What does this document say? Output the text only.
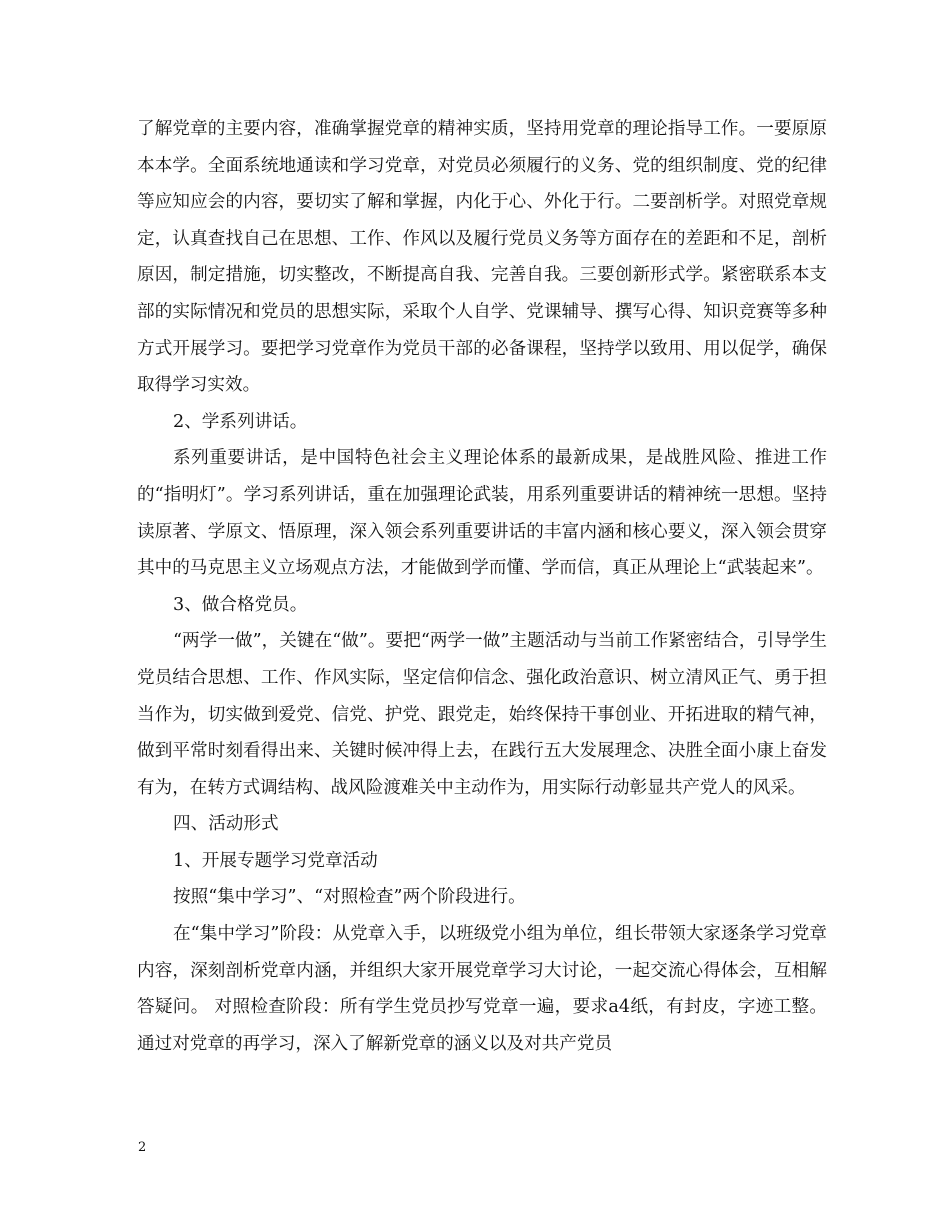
了解党章的主要内容，准确掌握党章的精神实质，坚持用党章的理论指导工作。一要原原本本学。全面系统地通读和学习党章，对党员必须履行的义务、党的组织制度、党的纪律等应知应会的内容，要切实了解和掌握，内化于心、外化于行。二要剖析学。对照党章规定，认真查找自己在思想、工作、作风以及履行党员义务等方面存在的差距和不足，剖析原因，制定措施，切实整改，不断提高自我、完善自我。三要创新形式学。紧密联系本支部的实际情况和党员的思想实际，采取个人自学、党课辅导、撰写心得、知识竞赛等多种方式开展学习。要把学习党章作为党员干部的必备课程，坚持学以致用、用以促学，确保取得学习实效。

2、学系列讲话。

系列重要讲话，是中国特色社会主义理论体系的最新成果，是战胜风险、推进工作的“指明灯”。学习系列讲话，重在加强理论武装，用系列重要讲话的精神统一思想。坚持读原著、学原文、悟原理，深入领会系列重要讲话的丰富内涵和核心要义，深入领会贯穿其中的马克思主义立场观点方法，才能做到学而懂、学而信，真正从理论上“武装起来”。

3、做合格党员。

“两学一做”，关键在“做”。要把“两学一做”主题活动与当前工作紧密结合，引导学生党员结合思想、工作、作风实际，坚定信仰信念、强化政治意识、树立清风正气、勇于担当作为，切实做到爱党、信党、护党、跟党走，始终保持干事创业、开拓进取的精气神，做到平常时刻看得出来、关键时候冲得上去，在践行五大发展理念、决胜全面小康上奋发有为，在转方式调结构、战风险渡难关中主动作为，用实际行动彰显共产党人的风采。

四、活动形式

1、开展专题学习党章活动

按照“集中学习”、“对照检查”两个阶段进行。

在“集中学习”阶段：从党章入手，以班级党小组为单位，组长带领大家逐条学习党章内容，深刻剖析党章内涵，并组织大家开展党章学习大讨论，一起交流心得体会，互相解答疑问。 对照检查阶段：所有学生党员抄写党章一遍，要求a4纸，有封皮，字迹工整。通过对党章的再学习，深入了解新党章的涵义以及对共产党员

2
